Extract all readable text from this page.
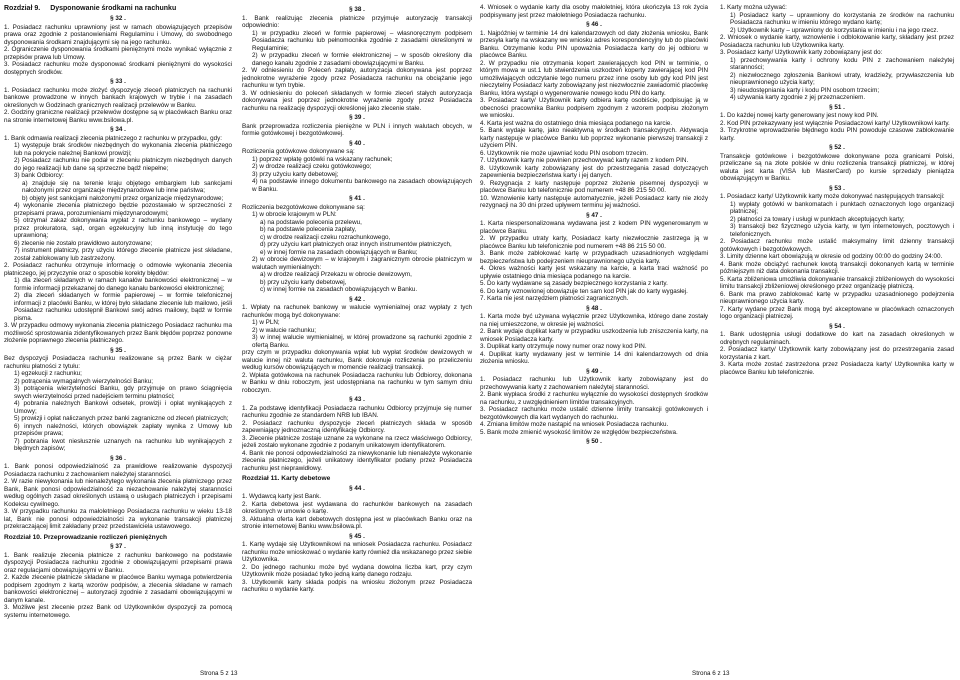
Rozdział 9. Dysponowanie środkami na rachunku
§ 32 .

1. Posiadacz rachunku uprawniony jest w ramach obowiązujących przepisów prawa oraz zgodnie z postanowieniami Regulaminu i Umowy, do swobodnego dysponowania środkami znajdującymi się na jego rachunku.

2. Ograniczenie dysponowania środkami pieniężnymi może wynikać wyłącznie z przepisów prawa lub Umowy.

3. Posiadacz rachunku może dysponować środkami pieniężnymi do wysokości dostępnych środków.

§ 33 .

1. Posiadacz rachunku może złożyć dyspozycję zleceń płatniczych na rachunki bankowe prowadzone w innych bankach krajowych w trybie i na zasadach określonych w Godzinach granicznych realizacji przelewów w Banku.

2. Godziny graniczne realizacji przelewów dostępne są w placówkach Banku oraz na stronie internetowej Banku www.bsilowa.pl.

§ 34 .

1. Bank odmawia realizacji zlecenia płatniczego z rachunku w przypadku, gdy:

1) występuje brak środków niezbędnych do wykonania zlecenia płatniczego lub na pokrycie należnej Bankowi prowizji;

2) Posiadacz rachunku nie podał w zleceniu płatniczym niezbędnych danych do jego realizacji lub dane są sprzeczne bądź niepełne;

3) bank Odbiorcy:

a) znajduje się na terenie kraju objętego embargiem lub sankcjami nałożonymi przez organizacje międzynarodowe lub inne państwa;

b) objęty jest sankcjami nałożonymi przez organizacje międzynarodowe;

4) wykonanie zlecenia płatniczego będzie pozostawało w sprzeczności z przepisami prawa, porozumieniami międzynarodowymi;

5) otrzymał zakaz dokonywania wypłat z rachunku bankowego – wydany przez prokuratora, sąd, organ egzekucyjny lub inną instytucję do tego uprawnioną;

6) zlecenie nie zostało prawidłowo autoryzowane;

7) instrument płatniczy, przy użyciu którego zlecenie płatnicze jest składane, został zablokowany lub zastrzeżony.

2. Posiadacz rachunku otrzymuje informację o odmowie wykonania zlecenia płatniczego, jej przyczynie oraz o sposobie korekty błędów:

1) dla zleceń składanych w ramach kanałów bankowości elektronicznej – w formie informacji przekazanej do danego kanału bankowości elektronicznej;

2) dla zleceń składanych w formie papierowej – w formie telefonicznej informacji z placówki Banku, w której było składane zlecenie lub mailowo, jeśli Posiadacz rachunku udostępnił Bankowi swój adres mailowy, bądź w formie pisma.

3. W przypadku odmowy wykonania zlecenia płatniczego Posiadacz rachunku ma możliwość sprostowania zidentyfikowanych przez Bank błędów poprzez ponowne złożenie poprawnego zlecenia płatniczego.

§ 35 .

Bez dyspozycji Posiadacza rachunku realizowane są przez Bank w ciężar rachunku płatności z tytułu:

1) egzekucji z rachunku;

2) potrącenia wymagalnych wierzytelności Banku;

3) potrącenia wierzytelności Banku, gdy przyjmuje on prawo ściągnięcia swych wierzytelności przed nadejściem terminu płatności;

4) pobrania należnych Bankowi odsetek, prowizji i opłat wynikających z Umowy;

5) prowizji i opłat naliczanych przez banki zagraniczne od zleceń płatniczych;

6) innych należności, których obowiązek zapłaty wynika z Umowy lub przepisów prawa;

7) pobrania kwot niesłusznie uznanych na rachunku lub wynikających z błędnych zapisów;

§ 36 .

1. Bank ponosi odpowiedzialność za prawidłowe realizowanie dyspozycji Posiadacza rachunku z zachowaniem należytej staranności.

2. W razie niewykonania lub nienależytego wykonania zlecenia płatniczego przez Bank, Bank ponosi odpowiedzialność za niezachowanie należytej staranności według ogólnych zasad określonych ustawą o usługach płatniczych i przepisami Kodeksu cywilnego.

3. W przypadku rachunku za małoletniego Posiadacza rachunku w wieku 13-18 lat, Bank nie ponosi odpowiedzialności za wykonanie transakcji płatniczej przekraczającej limit zakładany przez przedstawiciela ustawowego.

Rozdział 10. Przeprowadzanie rozliczeń pieniężnych
§ 37 .

1. Bank realizuje zlecenia płatnicze z rachunku bankowego na podstawie dyspozycji Posiadacza rachunku zgodnie z obowiązującymi przepisami prawa oraz regulacjami obowiązującymi w Banku.

2. Każde zlecenie płatnicze składane w placówce Banku wymaga potwierdzenia podpisem zgodnym z kartą wzorów podpisów, a zlecenia składane w ramach bankowości elektronicznej – autoryzacji zgodnie z zasadami obowiązującymi w danym kanale.

3. Możliwe jest zlecenie przez Bank od Użytkowników dyspozycji za pomocą systemu internetowego.

§ 38 .

1. Bank realizując zlecenia płatnicze przyjmuje autoryzację transakcji odpowiednio:

1) w przypadku zleceń w formie papierowej – własnoręcznym podpisem Posiadacza rachunku lub pełnomocnika zgodnie z zasadami określonymi w Regulaminie;

2) w przypadku zleceń w formie elektronicznej – w sposób określony dla danego kanału zgodnie z zasadami obowiązującymi w Banku.

2. W odniesieniu do Poleceń zapłaty, autoryzacja dokonywana jest poprzez jednokrotne wyrażenie zgody przez Posiadacza rachunku na obciążanie jego rachunku w tym trybie.

3. W odniesieniu do poleceń składanych w formie zleceń stałych autoryzacja dokonywana jest poprzez jednokrotne wyrażenie zgody przez Posiadacza rachunku na realizację dyspozycji określonej jako zlecenie stałe.

§ 39 .

Bank przeprowadza rozliczenia pieniężne w PLN i innych walutach obcych, w formie gotówkowej i bezgotówkowej.

§ 40 .

Rozliczenia gotówkowe dokonywane są:

1) poprzez wpłatę gotówki na wskazany rachunek;

2) w drodze realizacji czeku gotówkowego;

3) przy użyciu karty debetowej;

4) na podstawie innego dokumentu bankowego na zasadach obowiązujących w Banku.

§ 41 .

Rozliczenia bezgotówkowe dokonywane są:

1) w obrocie krajowym w PLN:

a) na podstawie polecenia przelewu,

b) na podstawie polecenia zapłaty,

c) w drodze realizacji czeku rozrachunkowego,

d) przy użyciu kart płatniczych oraz innych instrumentów płatniczych,

e) w innej formie na zasadach obowiązujących w Banku;

2) w obrocie dewizowym – w krajowym i zagranicznym obrocie płatniczym w walutach wymienialnych:

a) w drodze realizacji Przekazu w obrocie dewizowym,

b) przy użyciu karty debetowej,

c) w innej formie na zasadach obowiązujących w Banku.

§ 42 .

1. Wpłaty na rachunek bankowy w walucie wymienialnej oraz wypłaty z tych rachunków mogą być dokonywane:

1) w PLN;

2) w walucie rachunku;

3) w innej walucie wymienialnej, w której prowadzone są rachunki zgodnie z ofertą Banku.

przy czym w przypadku dokonywania wpłat lub wypłat środków dewizowych w walucie innej niż waluta rachunku, Bank dokonuje rozliczenia po przeliczeniu według kursów obowiązujących w momencie realizacji transakcji.

2. Wpłata gotówkowa na rachunek Posiadacza rachunku lub Odbiorcy, dokonana w Banku w dniu roboczym, jest udostępniana na rachunku w tym samym dniu roboczym.

§ 43 .

1. Za podstawę identyfikacji Posiadacza rachunku Odbiorcy przyjmuje się numer rachunku zgodnie ze standardem NRB lub IBAN.

2. Posiadacz rachunku dyspozycje zleceń płatniczych składa w sposób zapewniający jednoznaczną identyfikację Odbiorcy.

3. Zlecenie płatnicze zostaje uznane za wykonane na rzecz właściwego Odbiorcy, jeżeli zostało wykonane zgodnie z podanym unikatowym identyfikatorem.

4. Bank nie ponosi odpowiedzialności za niewykonanie lub nienależyte wykonanie zlecenia płatniczego, jeżeli unikatowy identyfikator podany przez Posiadacza rachunku jest nieprawidłowy.

Rozdział 11. Karty debetowe
§ 44 .

1. Wydawcą karty jest Bank.

2. Karta debetowa jest wydawana do rachunków bankowych na zasadach określonych w umowie o kartę.

3. Aktualna oferta kart debetowych dostępna jest w placówkach Banku oraz na stronie internetowej Banku www.bsilowa.pl.

§ 45 .

1. Kartę wydaje się Użytkownikowi na wniosek Posiadacza rachunku. Posiadacz rachunku może wnioskować o wydanie karty również dla wskazanego przez siebie Użytkownika.

2. Do jednego rachunku może być wydana dowolna liczba kart, przy czym Użytkownik może posiadać tylko jedną kartę danego rodzaju.

3. Użytkownik karty składa podpis na wniosku złożonym przez Posiadacza rachunku o wydanie karty.

4. Wniosek o wydanie karty dla osoby małoletniej, która ukończyła 13 rok życia podpisywany jest przez małoletniego Posiadacza rachunku.

§ 46 .

1. Najpóźniej w terminie 14 dni kalendarzowych od daty złożenia wniosku, Bank przesyła kartę na wskazany we wniosku adres korespondencyjny lub do placówki Banku. Otrzymanie kodu PIN upoważnia Posiadacza karty do jej odbioru w placówce Banku.

2. W przypadku nie otrzymania kopert zawierających kod PIN w terminie, o którym mowa w ust.1 lub stwierdzenia uszkodzeń koperty zawierającej kod PIN umożliwiających odczytanie tego numeru przez inne osoby lub gdy kod PIN jest nieczytelny Posiadacz karty zobowiązany jest niezwłocznie zawiadomić placówkę Banku, która wystąpi o wygenerowanie nowego kodu PIN do karty.

3. Posiadacz karty/ Użytkownik karty odbiera kartę osobiście, podpisując ją w obecności pracownika Banku podpisem zgodnym z wzorem podpisu złożonym we wniosku.

4. Karta jest ważna do ostatniego dnia miesiąca podanego na karcie.

5. Bank wydaje kartę, jako nieaktywną w środkach transakcyjnych. Aktywacja karty następuje w placówce Banku lub poprzez wykonanie pierwszej transakcji z użyciem PIN.

6. Użytkownik nie może ujawniać kodu PIN osobom trzecim.

7. Użytkownik karty nie powinien przechowywać karty razem z kodem PIN.

8. Użytkownik karty zobowiązany jest do przestrzegania zasad dotyczących zapewnienia bezpieczeństwa karty i jej danych.

9. Rezygnacja z karty następuje poprzez złożenie pisemnej dyspozycji w placówce Banku lub telefonicznie pod numerem +48 86 215 50 00.

10. Wznowienie karty następuje automatycznie, jeżeli Posiadacz karty nie złoży rezygnacji na 30 dni przed upływem terminu jej ważności.

§ 47 .

1. Karta niespersonalizowana wydawana jest z kodem PIN wygenerowanym w placówce Banku.

2. W przypadku utraty karty, Posiadacz karty niezwłocznie zastrzega ją w placówce Banku lub telefonicznie pod numerem +48 86 215 50 00.

3. Bank może zablokować kartę w przypadkach uzasadnionych względami bezpieczeństwa lub podejrzeniem nieuprawnionego użycia karty.

4. Okres ważności karty jest wskazany na karcie, a karta traci ważność po upływie ostatniego dnia miesiąca podanego na karcie.

5. Do karty wydawane są zasady bezpiecznego korzystania z karty.

6. Do karty wznowionej obowiązuje ten sam kod PIN jak do karty wygasłej.

7. Karta nie jest narzędziem płatności zagranicznych.

§ 48 .

1. Karta może być używana wyłącznie przez Użytkownika, którego dane zostały na niej umieszczone, w okresie jej ważności.

2. Bank wydaje duplikat karty w przypadku uszkodzenia lub zniszczenia karty, na wniosek Posiadacza karty.

3. Duplikat karty otrzymuje nowy numer oraz nowy kod PIN.

4. Duplikat karty wydawany jest w terminie 14 dni kalendarzowych od dnia złożenia wniosku.

§ 49 .

1. Posiadacz rachunku lub Użytkownik karty zobowiązany jest do przechowywania karty z zachowaniem należytej staranności.

2. Bank wypłaca środki z rachunku wyłącznie do wysokości dostępnych środków na rachunku, z uwzględnieniem limitów transakcyjnych.

3. Posiadacz rachunku może ustalić dzienne limity transakcji gotówkowych i bezgotówkowych dla kart wydanych do rachunku.

4. Zmiana limitów może nastąpić na wniosek Posiadacza rachunku.

5. Bank może zmienić wysokość limitów ze względów bezpieczeństwa.

§ 50 .

1. Karty można używać:

1) Posiadacz karty – uprawniony do korzystania ze środków na rachunku Posiadacza rachunku w imieniu którego wydano kartę;

2) Użytkownik karty – uprawniony do korzystania w imieniu i na jego rzecz.

2. Wniosek o wydanie karty, wznowienie i odblokowanie karty, składany jest przez Posiadacza rachunku lub Użytkownika karty.

3. Posiadacz karty/ Użytkownik karty zobowiązany jest do:

1) przechowywania karty i ochrony kodu PIN z zachowaniem należytej staranności;

2) niezwłocznego zgłoszenia Bankowi utraty, kradzieży, przywłaszczenia lub nieuprawnionego użycia karty;

3) nieudostępniania karty i kodu PIN osobom trzecim;

4) używania karty zgodnie z jej przeznaczeniem.

§ 51 .

1. Do każdej nowej karty generowany jest nowy kod PIN.

2. Kod PIN przekazywany jest wyłącznie Posiadaczowi karty/ Użytkownikowi karty.

3. Trzykrotne wprowadzenie błędnego kodu PIN powoduje czasowe zablokowanie karty.

§ 52 .

Transakcje gotówkowe i bezgotówkowe dokonywane poza granicami Polski, przeliczane są na złote polskie w dniu rozliczenia transakcji płatniczej, w której waluta jest karta (VISA lub MasterCard) po kursie sprzedaży pieniądza obowiązującym w Banku.

§ 53 .

1. Posiadacz karty/ Użytkownik karty może dokonywać następujących transakcji:

1) wypłaty gotówki w bankomatach i punktach oznaczonych logo organizacji płatniczej;

2) płatności za towary i usługi w punktach akceptujących karty;

3) transakcji bez fizycznego użycia karty, w tym internetowych, pocztowych i telefonicznych.

2. Posiadacz rachunku może ustalić maksymalny limit dzienny transakcji gotówkowych i bezgotówkowych.

3. Limity dzienne kart obowiązują w okresie od godziny 00:00 do godziny 24:00.

4. Bank może obciążyć rachunek kwotą transakcji dokonanych kartą w terminie późniejszym niż data dokonania transakcji.

5. Karta zbliżeniowa umożliwia dokonywanie transakcji zbliżeniowych do wysokości limitu transakcji zbliżeniowej określonego przez organizację płatniczą.

6. Bank ma prawo zablokować kartę w przypadku uzasadnionego podejrzenia nieuprawnionego użycia karty.

7. Karty wydane przez Bank mogą być akceptowane w placówkach oznaczonych logo organizacji płatniczej.

§ 54 .

1. Bank udostępnia usługi dodatkowe do kart na zasadach określonych w odrębnych regulaminach.

2. Posiadacz karty/ Użytkownik karty zobowiązany jest do przestrzegania zasad korzystania z kart.

3. Karta może zostać zastrzeżona przez Posiadacza karty/ Użytkownika karty w placówce Banku lub telefonicznie.

Strona 5 z 13	Strona 6 z 13
